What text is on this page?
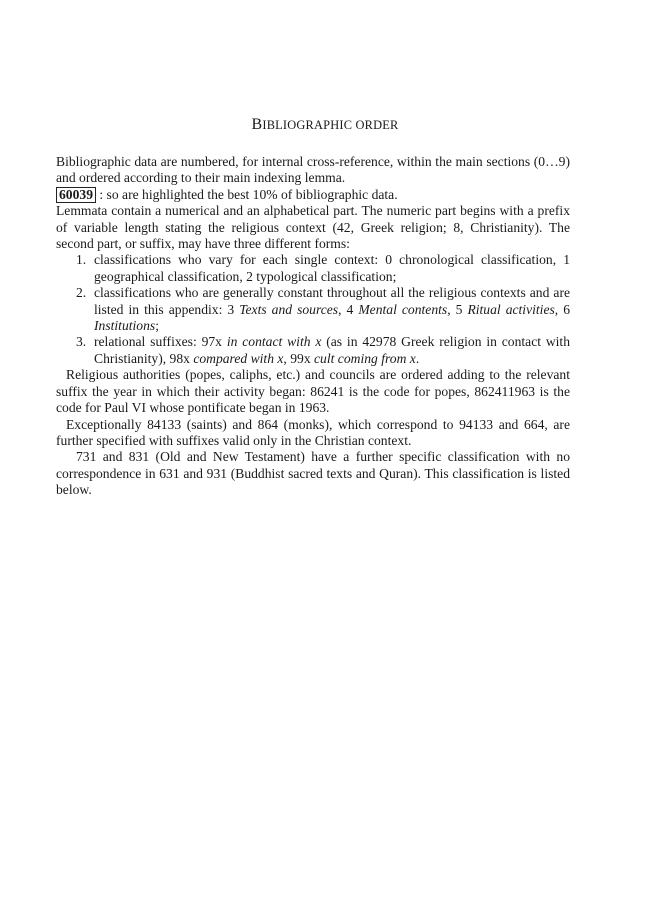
BIBLIOGRAPHIC ORDER

Bibliographic data are numbered, for internal cross-reference, within the main sections (0…9) and ordered according to their main indexing lemma.

60039 : so are highlighted the best 10% of bibliographic data.

Lemmata contain a numerical and an alphabetical part. The numeric part begins with a prefix of variable length stating the religious context (42, Greek religion; 8, Christianity). The second part, or suffix, may have three different forms:

1. classifications who vary for each single context: 0 chronological classification, 1 geographical classification, 2 typological classification;
2. classifications who are generally constant throughout all the religious contexts and are listed in this appendix: 3 Texts and sources, 4 Mental contents, 5 Ritual activities, 6 Institutions;
3. relational suffixes: 97x in contact with x (as in 42978 Greek religion in contact with Christianity), 98x compared with x, 99x cult coming from x.

Religious authorities (popes, caliphs, etc.) and councils are ordered adding to the relevant suffix the year in which their activity began: 86241 is the code for popes, 862411963 is the code for Paul VI whose pontificate began in 1963.

Exceptionally 84133 (saints) and 864 (monks), which correspond to 94133 and 664, are further specified with suffixes valid only in the Christian context.

731 and 831 (Old and New Testament) have a further specific classification with no correspondence in 631 and 931 (Buddhist sacred texts and Quran). This classification is listed below.
